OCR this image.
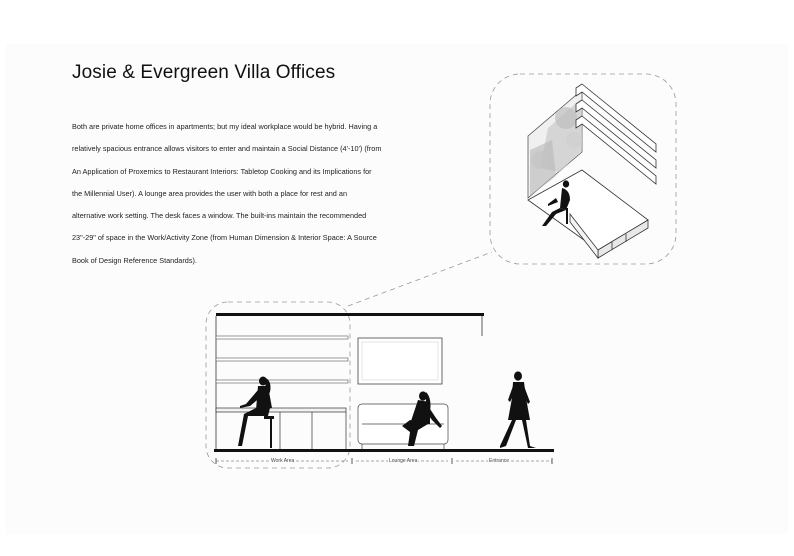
Josie & Evergreen Villa Offices
Both are private home offices in apartments; but my ideal workplace would be hybrid. Having a
relatively spacious entrance allows visitors to enter and maintain a Social Distance (4'-10') (from
An Application of Proxemics to Restaurant Interiors: Tabletop Cooking and its Implications for
the Millennial User). A lounge area provides the user with both a place for rest and an
alternative work setting. The desk faces a window. The built-ins maintain the recommended
23"-29" of space in the Work/Activity Zone (from Human Dimension & Interior Space: A Source
Book of Design Reference Standards).
Work Area	Lounge Area	Entrance
